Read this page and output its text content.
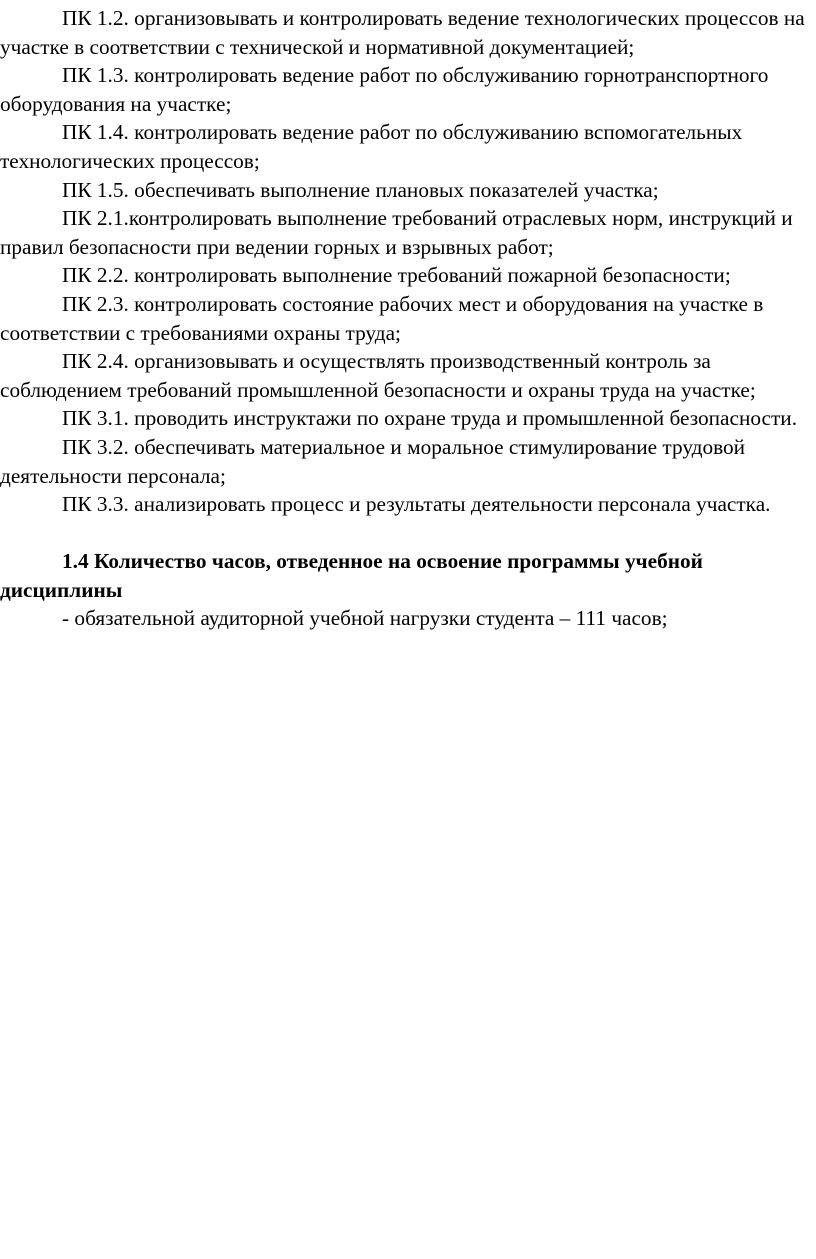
ПК 1.2. организовывать и контролировать ведение технологических процессов на участке в соответствии с технической и нормативной документацией;

ПК 1.3. контролировать ведение работ по обслуживанию горнотранспортного оборудования на участке;

ПК 1.4. контролировать ведение работ по обслуживанию вспомогательных технологических процессов;

ПК 1.5. обеспечивать выполнение плановых показателей участка;

ПК 2.1.контролировать выполнение требований отраслевых норм, инструкций и правил безопасности при ведении горных и взрывных работ;

ПК 2.2. контролировать выполнение требований пожарной безопасности;

ПК 2.3. контролировать состояние рабочих мест и оборудования на участке в соответствии с требованиями охраны труда;

ПК 2.4. организовывать и осуществлять производственный контроль за соблюдением требований промышленной безопасности и охраны труда на участке;

ПК 3.1. проводить инструктажи по охране труда и промышленной безопасности.

ПК 3.2. обеспечивать материальное и моральное стимулирование трудовой деятельности персонала;

ПК 3.3. анализировать процесс и результаты деятельности персонала участка.

1.4 Количество часов, отведенное на освоение программы учебной дисциплины

- обязательной аудиторной учебной нагрузки студента – 111 часов;
